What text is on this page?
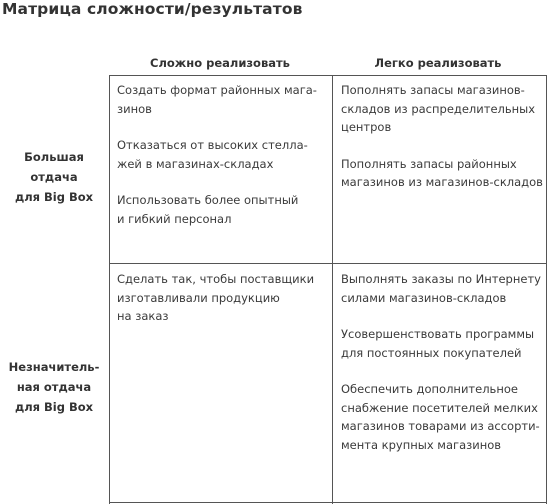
Матрица сложности/результатов
Сложно реализовать	Легко реализовать
Большая
отдача
для Big Box
Незначитель-
ная отдача
для Big Box
Создать формат районных мага-
зинов
Отказаться от высоких стелла-
жей в магазинах-складах
Использовать более опытный
и гибкий персонал
Пополнять запасы магазинов-
складов из распределительных
центров
Пополнять запасы районных
магазинов из магазинов-складов
Сделать так, чтобы поставщики
изготавливали продукцию
на заказ
Выполнять заказы по Интернету
силами магазинов-складов
Усовершенствовать программы
для постоянных покупателей
Обеспечить дополнительное
снабжение посетителей мелких
магазинов товарами из ассорти-
мента крупных магазинов
